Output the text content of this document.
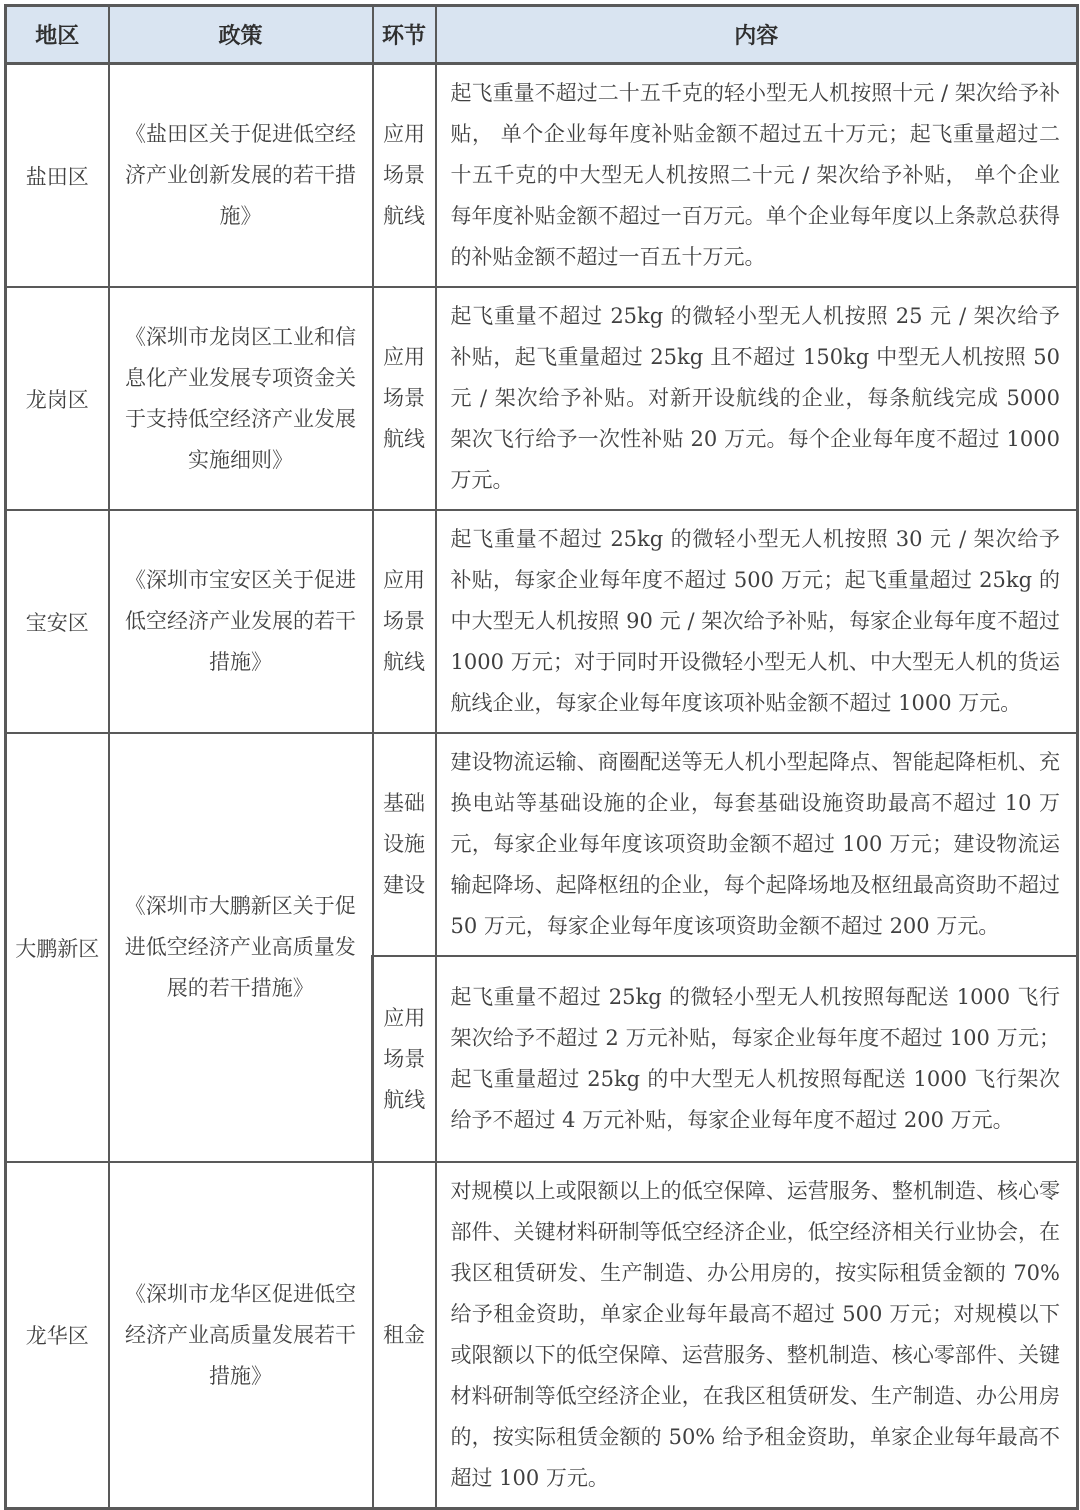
地区	政策	环节	内容
盐田区	《盐田区关于促进低空经济产业创新发展的若干措施》	应用场景航线	起飞重量不超过二十五千克的轻小型无人机按照十元 / 架次给予补贴， 单个企业每年度补贴金额不超过五十万元；起飞重量超过二十五千克的中大型无人机按照二十元 / 架次给予补贴， 单个企业每年度补贴金额不超过一百万元。单个企业每年度以上条款总获得的补贴金额不超过一百五十万元。
龙岗区	《深圳市龙岗区工业和信息化产业发展专项资金关于支持低空经济产业发展实施细则》	应用场景航线	起飞重量不超过 25kg 的微轻小型无人机按照 25 元 / 架次给予补贴，起飞重量超过 25kg 且不超过 150kg 中型无人机按照 50 元 / 架次给予补贴。对新开设航线的企业，每条航线完成 5000 架次飞行给予一次性补贴 20 万元。每个企业每年度不超过 1000 万元。
宝安区	《深圳市宝安区关于促进低空经济产业发展的若干措施》	应用场景航线	起飞重量不超过 25kg 的微轻小型无人机按照 30 元 / 架次给予补贴，每家企业每年度不超过 500 万元；起飞重量超过 25kg 的中大型无人机按照 90 元 / 架次给予补贴，每家企业每年度不超过 1000 万元；对于同时开设微轻小型无人机、中大型无人机的货运航线企业，每家企业每年度该项补贴金额不超过 1000 万元。
大鹏新区	《深圳市大鹏新区关于促进低空经济产业高质量发展的若干措施》	基础设施建设	建设物流运输、商圈配送等无人机小型起降点、智能起降柜机、充换电站等基础设施的企业，每套基础设施资助最高不超过 10 万元，每家企业每年度该项资助金额不超过 100 万元；建设物流运输起降场、起降枢纽的企业，每个起降场地及枢纽最高资助不超过 50 万元，每家企业每年度该项资助金额不超过 200 万元。
		应用场景航线	起飞重量不超过 25kg 的微轻小型无人机按照每配送 1000 飞行架次给予不超过 2 万元补贴，每家企业每年度不超过 100 万元；起飞重量超过 25kg 的中大型无人机按照每配送 1000 飞行架次给予不超过 4 万元补贴，每家企业每年度不超过 200 万元。
龙华区	《深圳市龙华区促进低空经济产业高质量发展若干措施》	租金	对规模以上或限额以上的低空保障、运营服务、整机制造、核心零部件、关键材料研制等低空经济企业，低空经济相关行业协会，在我区租赁研发、生产制造、办公用房的，按实际租赁金额的 70% 给予租金资助，单家企业每年最高不超过 500 万元；对规模以下或限额以下的低空保障、运营服务、整机制造、核心零部件、关键材料研制等低空经济企业，在我区租赁研发、生产制造、办公用房的，按实际租赁金额的 50% 给予租金资助，单家企业每年最高不超过 100 万元。
